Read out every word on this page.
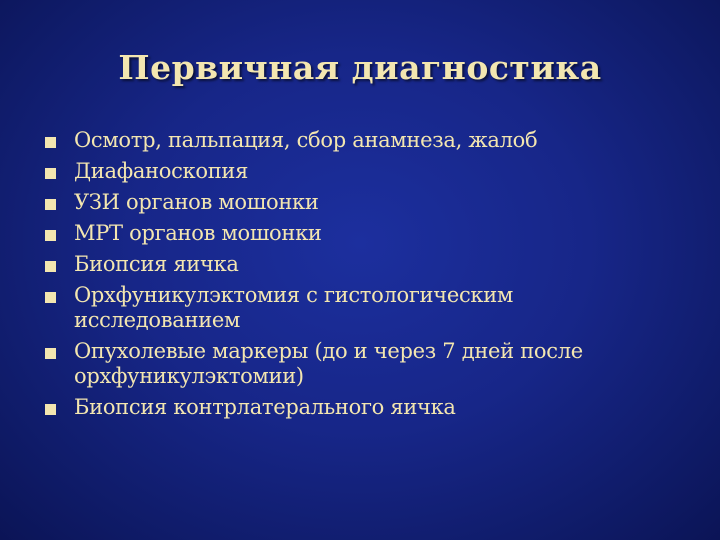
Первичная диагностика
Осмотр, пальпация, сбор анамнеза, жалоб
Диафаноскопия
УЗИ органов мошонки
МРТ органов мошонки
Биопсия яичка
Орхфуникулэктомия с гистологическим исследованием
Опухолевые маркеры (до и через 7 дней после орхфуникулэктомии)
Биопсия контрлатерального яичка
